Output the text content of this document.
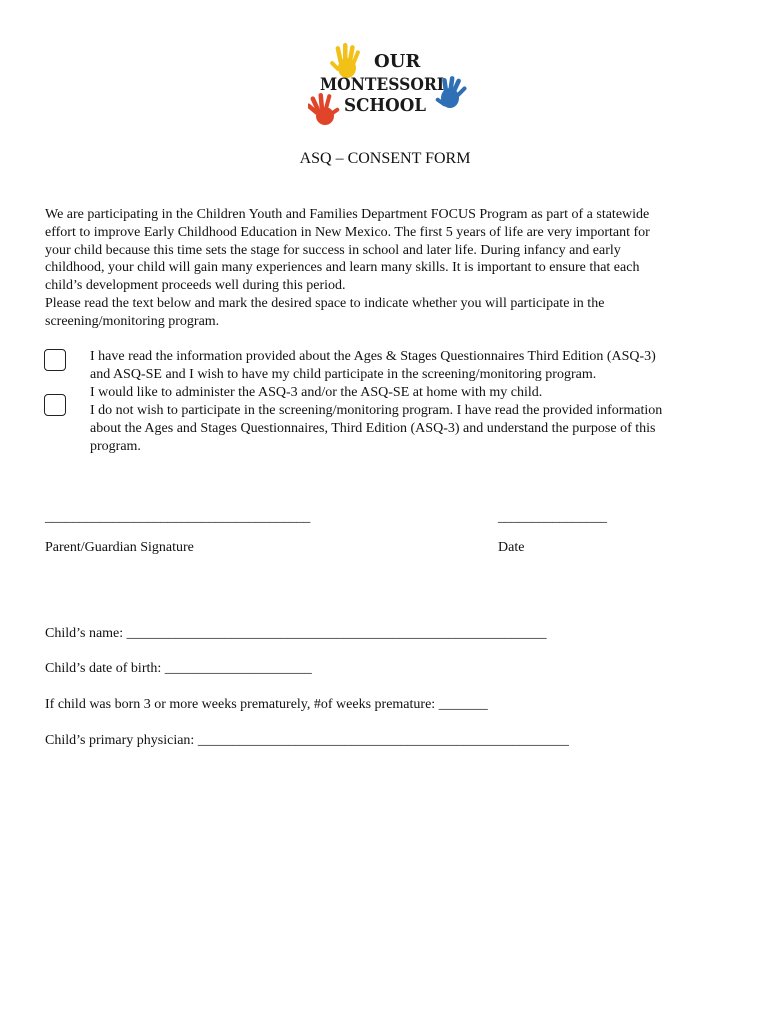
OUR
MONTESSORI
SCHOOL
ASQ – CONSENT FORM
We are participating in the Children Youth and Families Department FOCUS Program as part of a statewide
effort to improve Early Childhood Education in New Mexico. The first 5 years of life are very important for
your child because this time sets the stage for success in school and later life. During infancy and early
childhood, your child will gain many experiences and learn many skills. It is important to ensure that each
child’s development proceeds well during this period.
Please read the text below and mark the desired space to indicate whether you will participate in the
screening/monitoring program.
I have read the information provided about the Ages & Stages Questionnaires Third Edition (ASQ-3)
and ASQ-SE and I wish to have my child participate in the screening/monitoring program.
I would like to administer the ASQ-3 and/or the ASQ-SE at home with my child.
I do not wish to participate in the screening/monitoring program. I have read the provided information
about the Ages and Stages Questionnaires, Third Edition (ASQ-3) and understand the purpose of this
program.
_______________________________________	________________
Parent/Guardian Signature	Date
Child’s name: ____________________________________________________________
Child’s date of birth: _____________________
If child was born 3 or more weeks prematurely, #of weeks premature: _______
Child’s primary physician: _____________________________________________________
